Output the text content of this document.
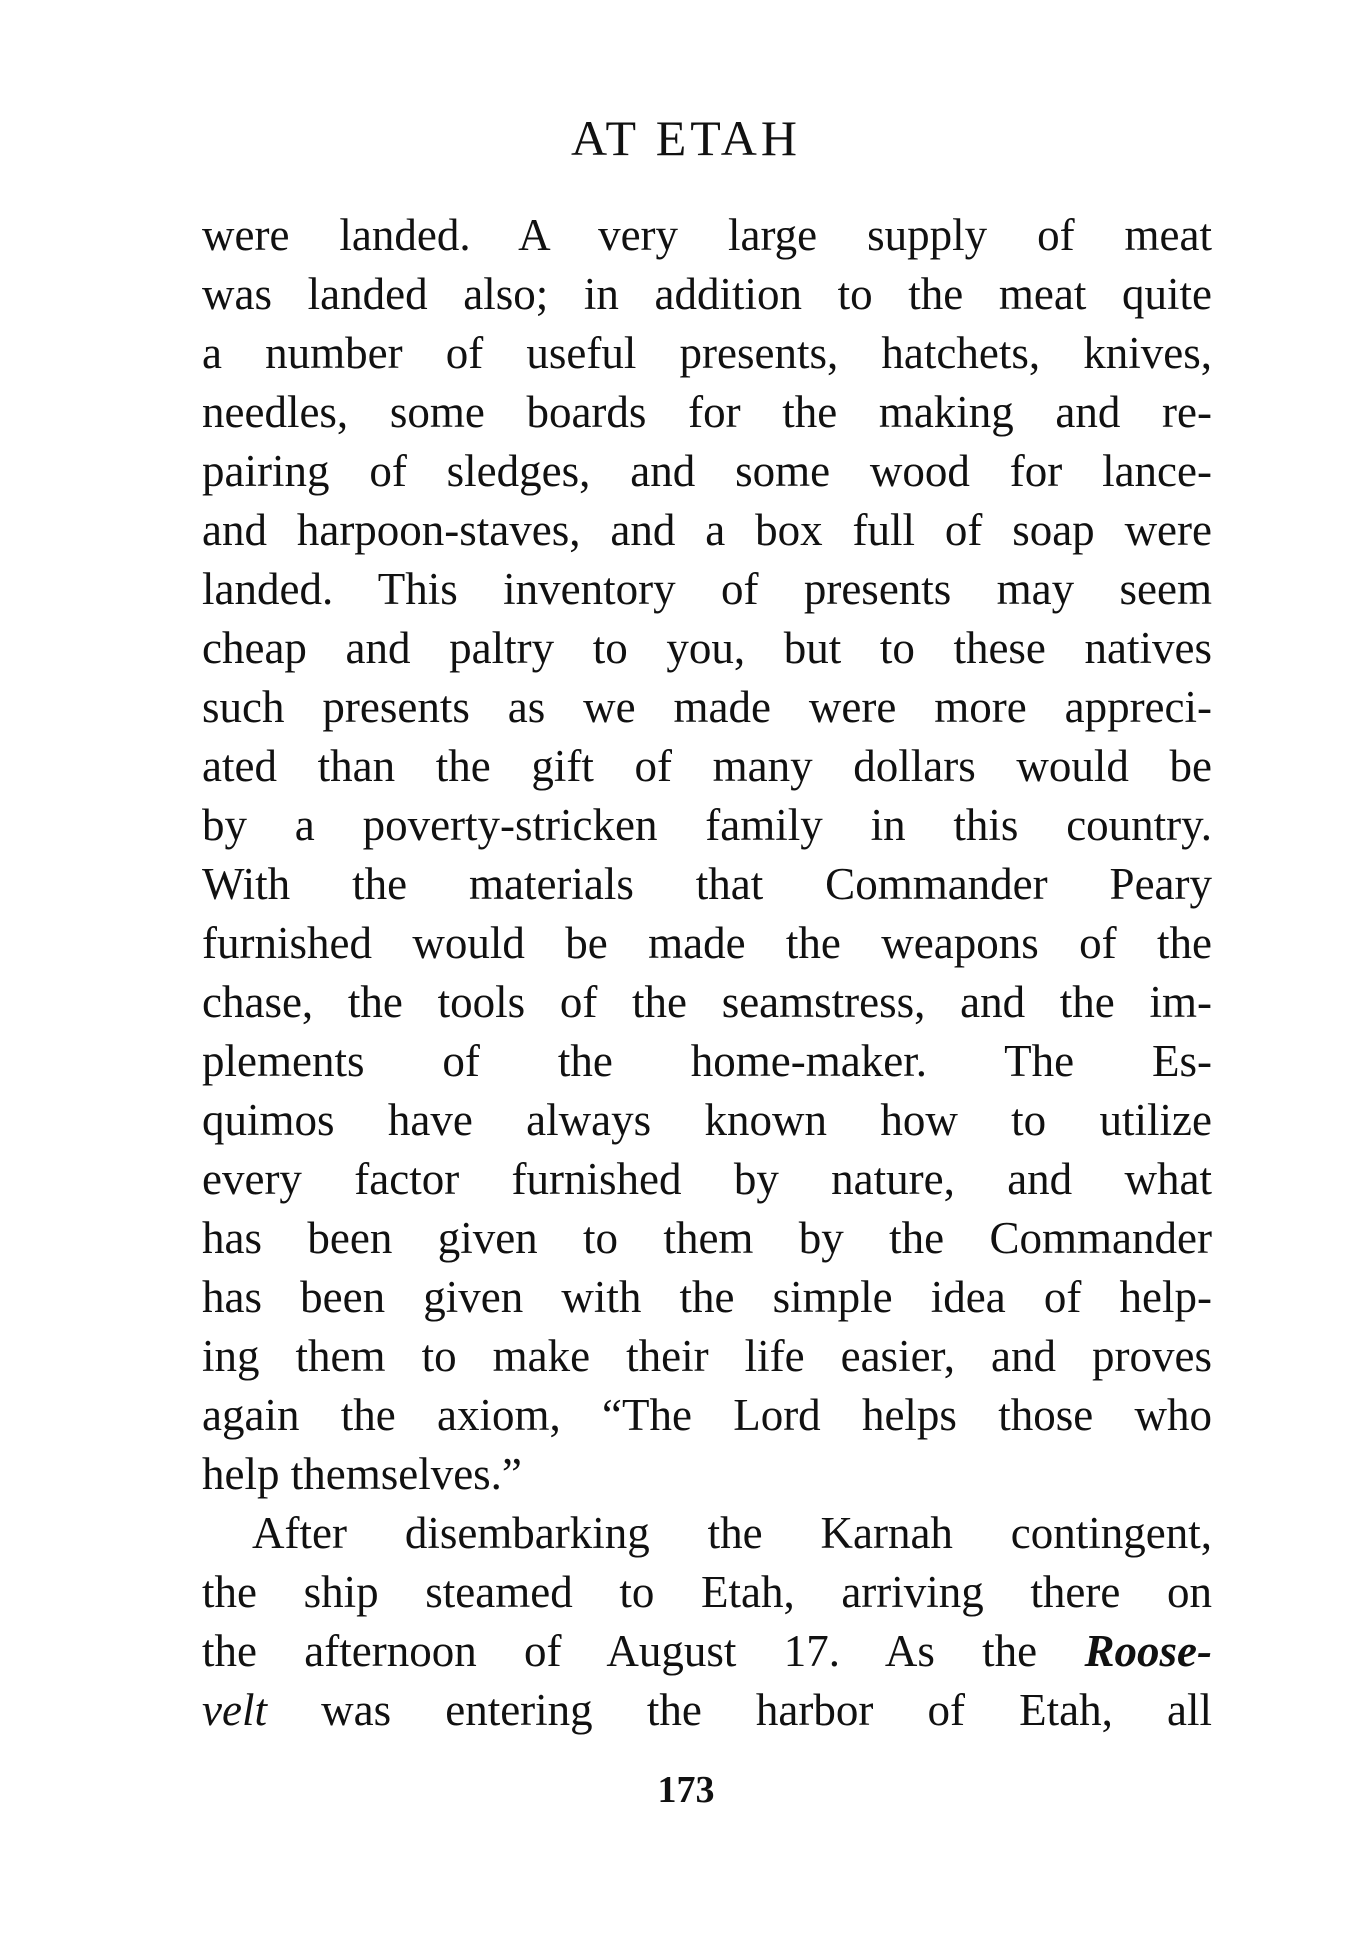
AT ETAH
were landed. A very large supply of meat
was landed also; in addition to the meat quite
a number of useful presents, hatchets, knives,
needles, some boards for the making and re-
pairing of sledges, and some wood for lance-
and harpoon-staves, and a box full of soap were
landed. This inventory of presents may seem
cheap and paltry to you, but to these natives
such presents as we made were more appreci-
ated than the gift of many dollars would be
by a poverty-stricken family in this country.
With the materials that Commander Peary
furnished would be made the weapons of the
chase, the tools of the seamstress, and the im-
plements of the home-maker. The Es-
quimos have always known how to utilize
every factor furnished by nature, and what
has been given to them by the Commander
has been given with the simple idea of help-
ing them to make their life easier, and proves
again the axiom, “The Lord helps those who
help themselves.”
After disembarking the Karnah contingent,
the ship steamed to Etah, arriving there on
the afternoon of August 17. As the Roose-
velt was entering the harbor of Etah, all
173
